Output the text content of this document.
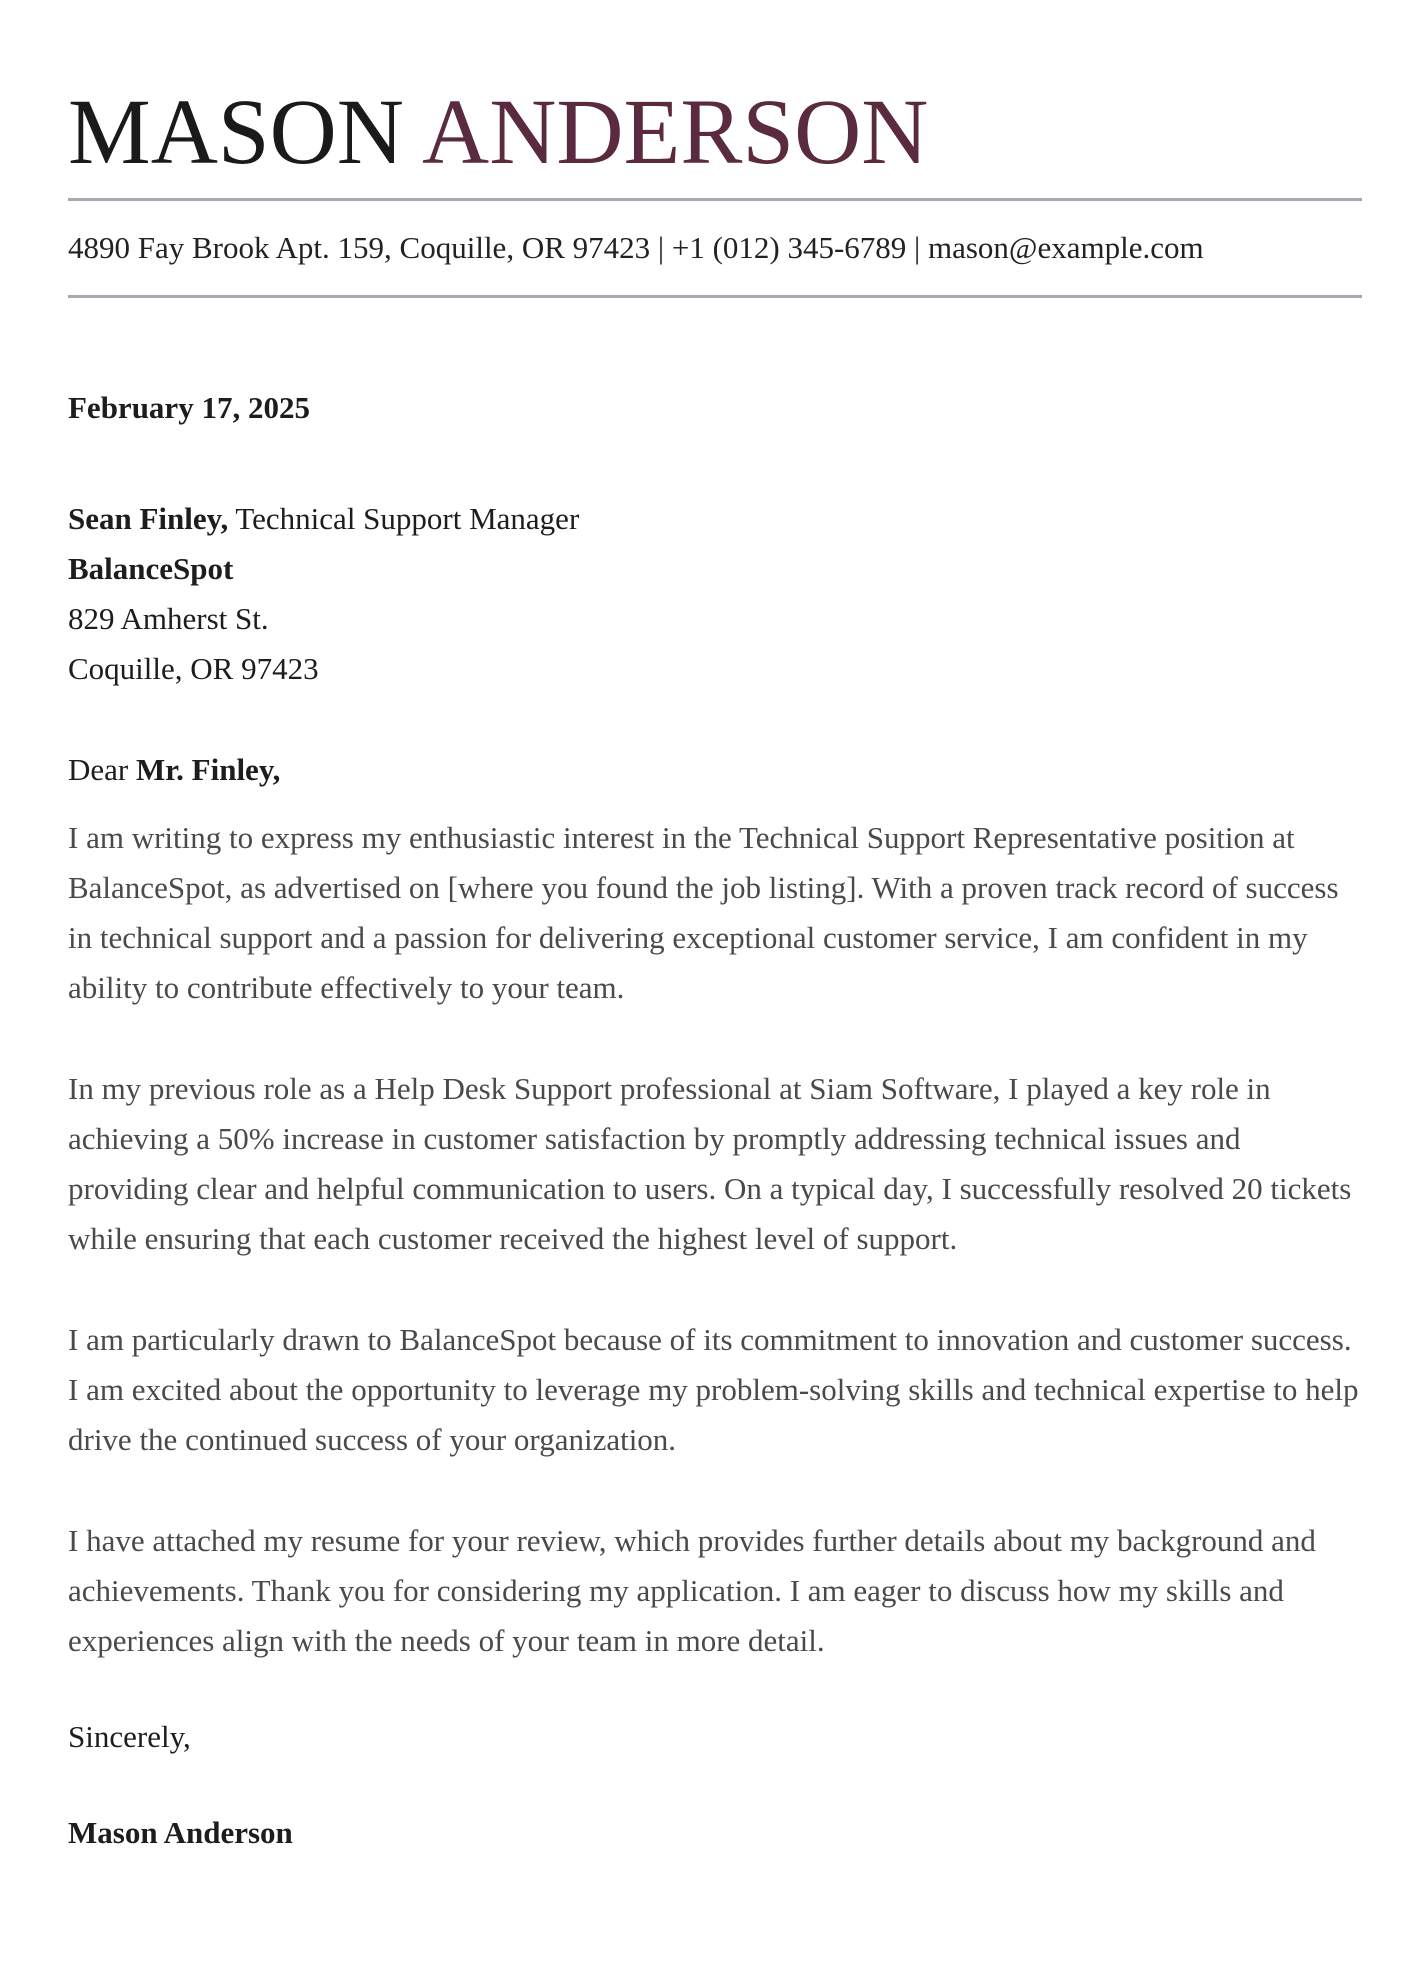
MASON ANDERSON
4890 Fay Brook Apt. 159, Coquille, OR 97423 | +1 (012) 345-6789 | mason@example.com
February 17, 2025
Sean Finley, Technical Support Manager
BalanceSpot
829 Amherst St.
Coquille, OR 97423
Dear Mr. Finley,

I am writing to express my enthusiastic interest in the Technical Support Representative position at BalanceSpot, as advertised on [where you found the job listing]. With a proven track record of success in technical support and a passion for delivering exceptional customer service, I am confident in my ability to contribute effectively to your team.

In my previous role as a Help Desk Support professional at Siam Software, I played a key role in achieving a 50% increase in customer satisfaction by promptly addressing technical issues and providing clear and helpful communication to users. On a typical day, I successfully resolved 20 tickets while ensuring that each customer received the highest level of support.

I am particularly drawn to BalanceSpot because of its commitment to innovation and customer success. I am excited about the opportunity to leverage my problem-solving skills and technical expertise to help drive the continued success of your organization.

I have attached my resume for your review, which provides further details about my background and achievements. Thank you for considering my application. I am eager to discuss how my skills and experiences align with the needs of your team in more detail.

Sincerely,
Mason Anderson
